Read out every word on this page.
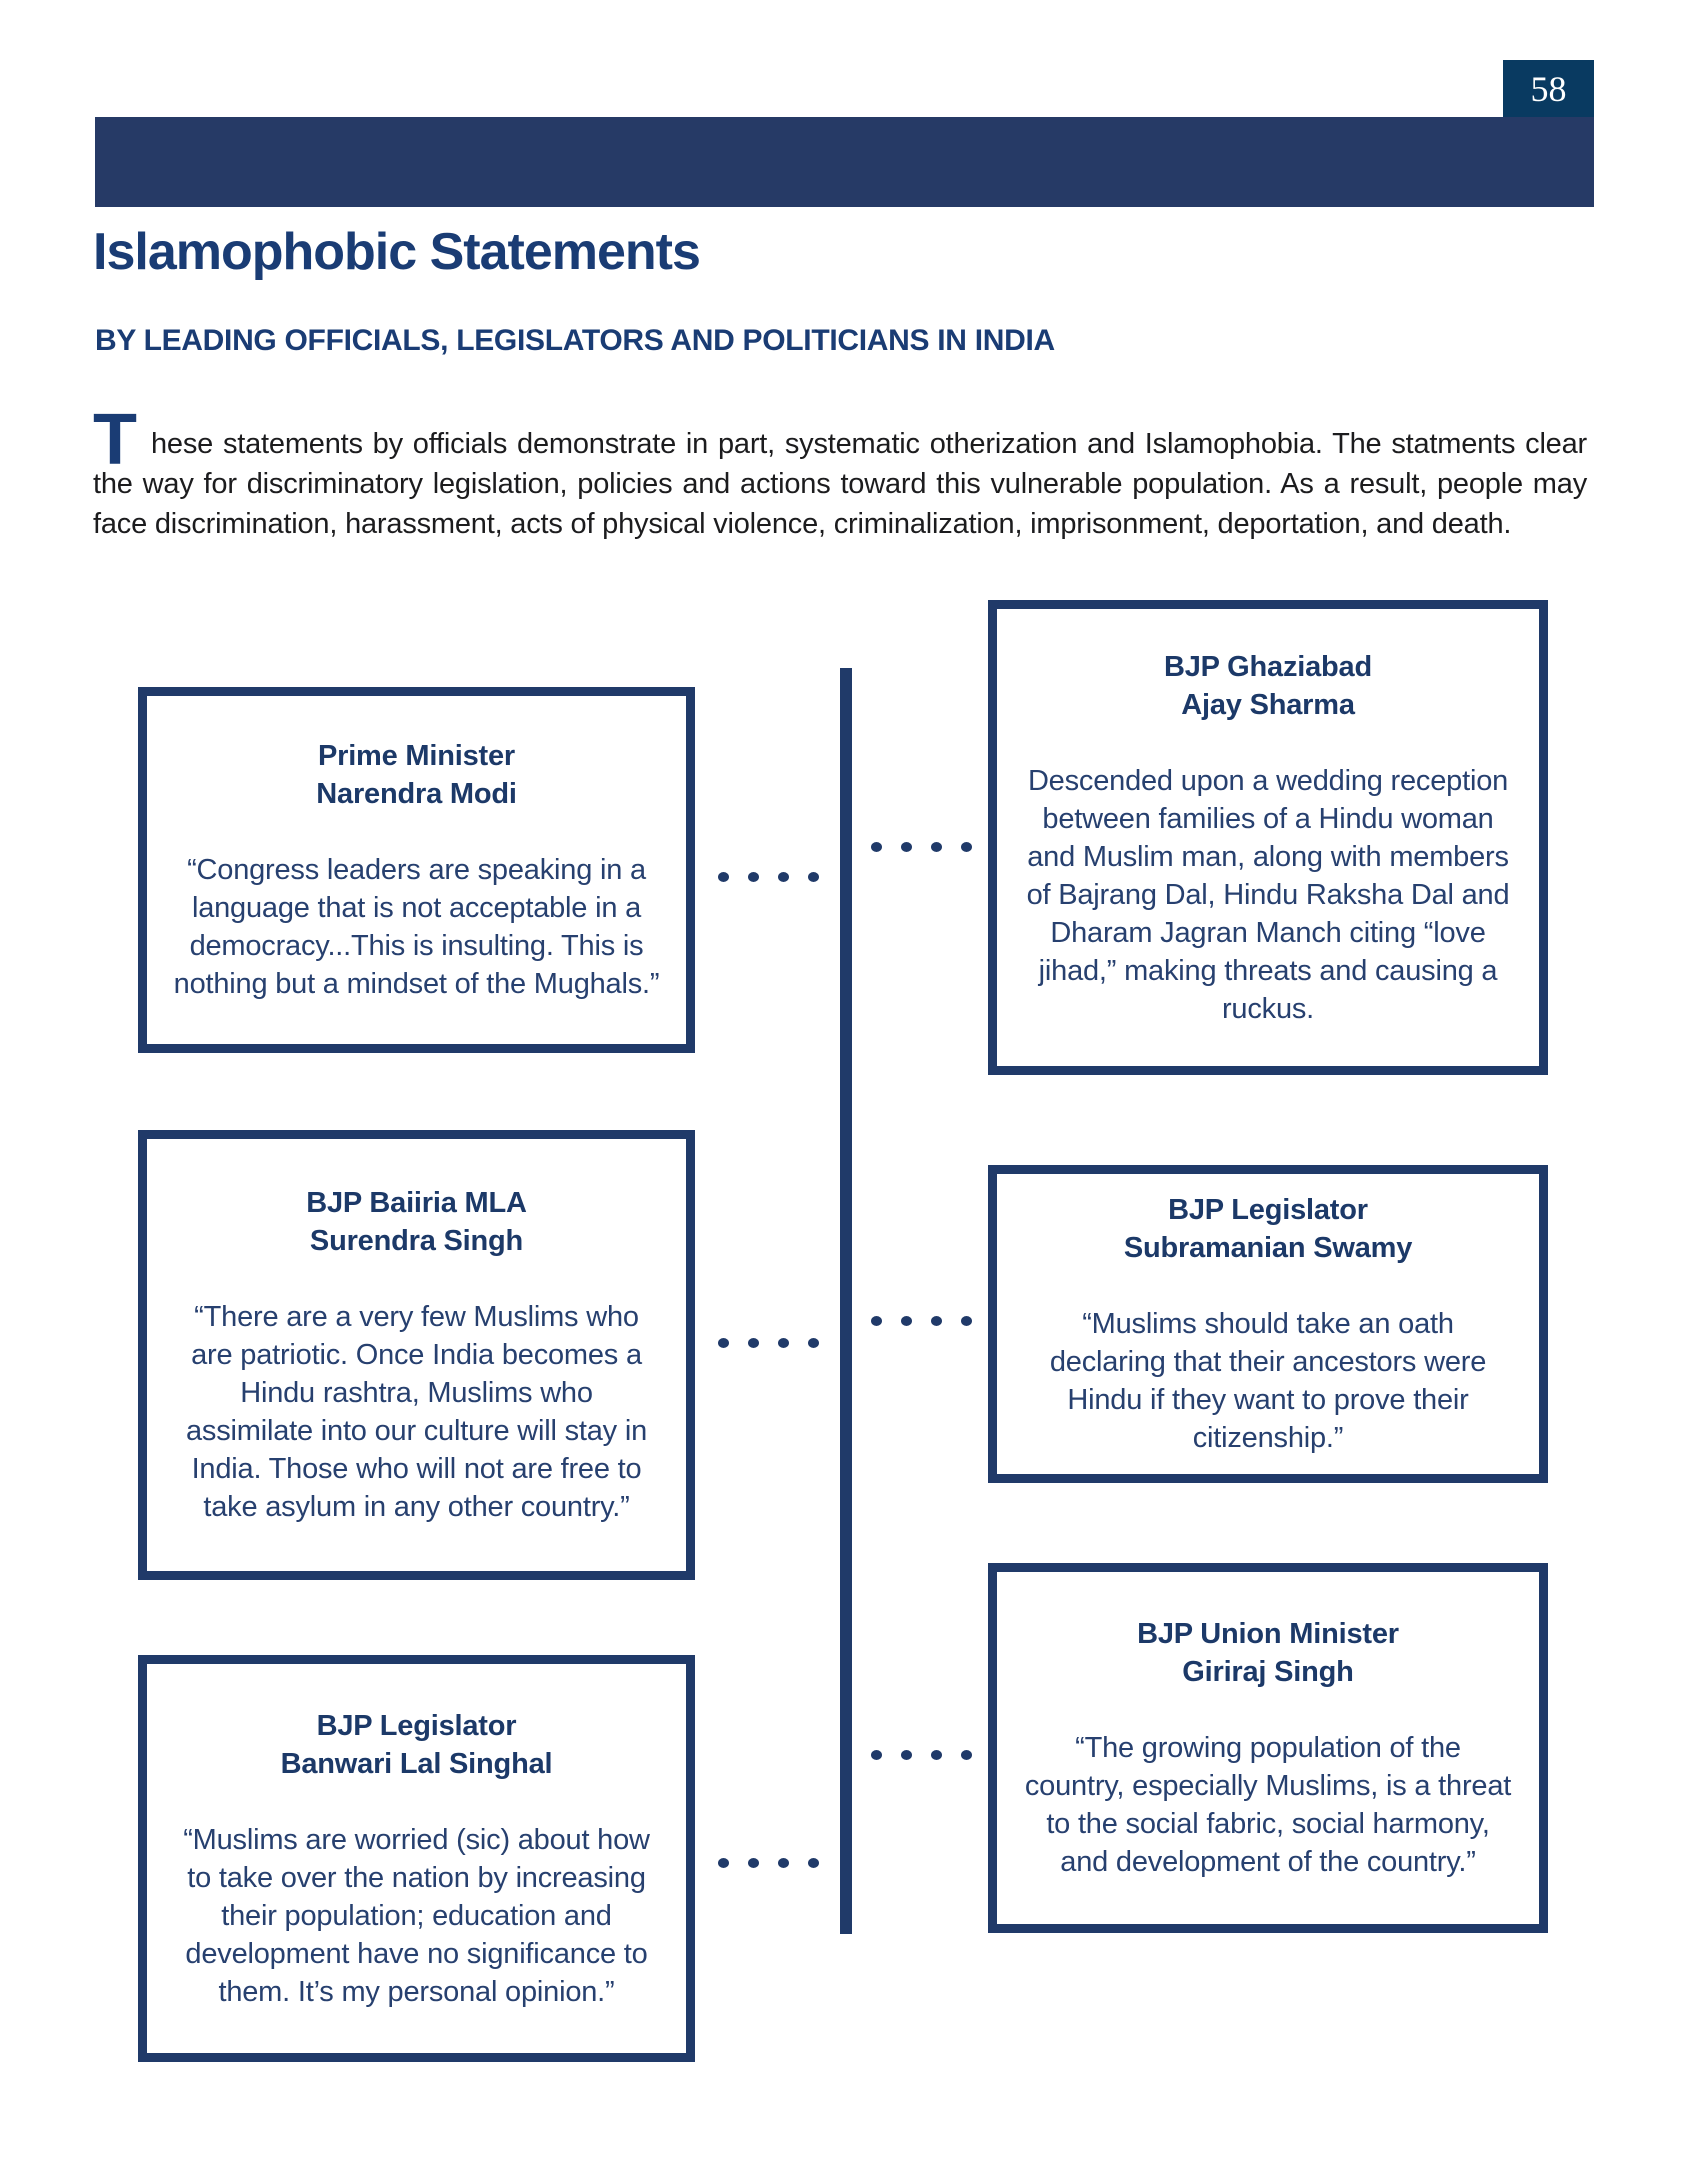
58
Islamophobic Statements
BY LEADING OFFICIALS, LEGISLATORS AND POLITICIANS IN INDIA
T hese statements by officials demonstrate in part, systematic otherization and Islamophobia. The statments clear the way for discriminatory legislation, policies and actions toward this vulnerable population. As a result, people may face discrimination, harassment, acts of physical violence, criminalization, imprisonment, deportation, and death.

Prime Minister
Narendra Modi
“Congress leaders are speaking in a language that is not acceptable in a democracy...This is insulting. This is nothing but a mindset of the Mughals.”
BJP Baiiria MLA
Surendra Singh
“There are a very few Muslims who are patriotic. Once India becomes a Hindu rashtra, Muslims who assimilate into our culture will stay in India. Those who will not are free to take asylum in any other country.”
BJP Legislator
Banwari Lal Singhal
“Muslims are worried (sic) about how to take over the nation by increasing their population; education and development have no significance to them. It’s my personal opinion.”
BJP Ghaziabad
Ajay Sharma
Descended upon a wedding reception between families of a Hindu woman and Muslim man, along with members of Bajrang Dal, Hindu Raksha Dal and Dharam Jagran Manch citing “love jihad,” making threats and causing a ruckus.
BJP Legislator
Subramanian Swamy
“Muslims should take an oath declaring that their ancestors were Hindu if they want to prove their citizenship.”
BJP Union Minister
Giriraj Singh
“The growing population of the country, especially Muslims, is a threat to the social fabric, social harmony, and development of the country.”
